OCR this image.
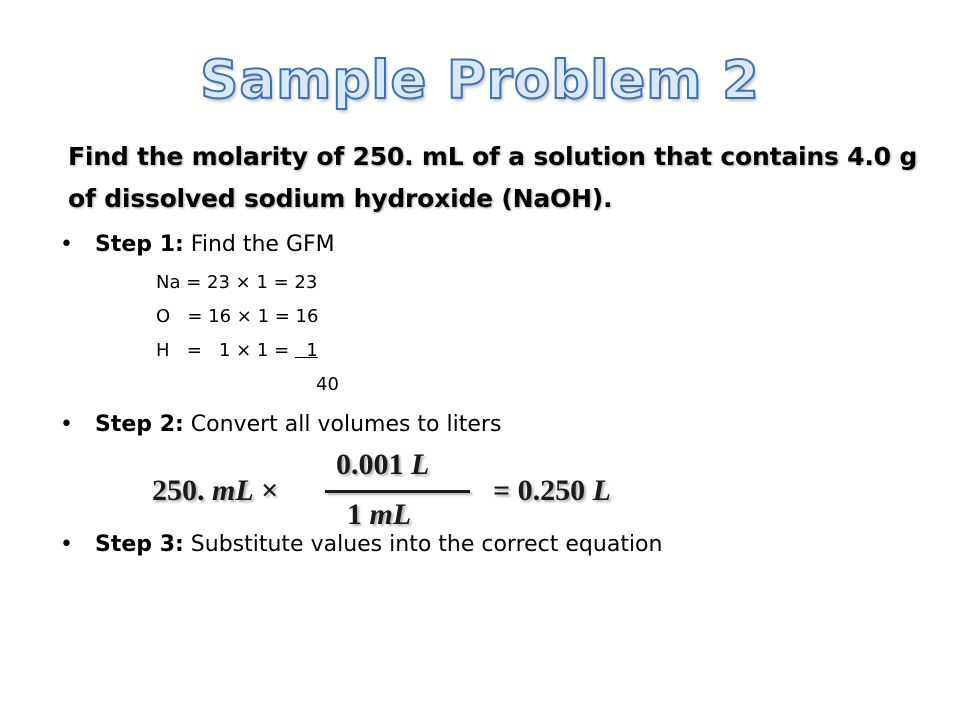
Sample Problem 2
Find the molarity of 250. mL of a solution that contains 4.0 g of dissolved sodium hydroxide (NaOH).
• Step 1: Find the GFM
Na = 23 × 1 = 23
O   = 16 × 1 = 16
H   =   1 × 1 =   1
40
• Step 2: Convert all volumes to liters
250. mL ×
0.001 L
1 mL
= 0.250 L
• Step 3: Substitute values into the correct equation
